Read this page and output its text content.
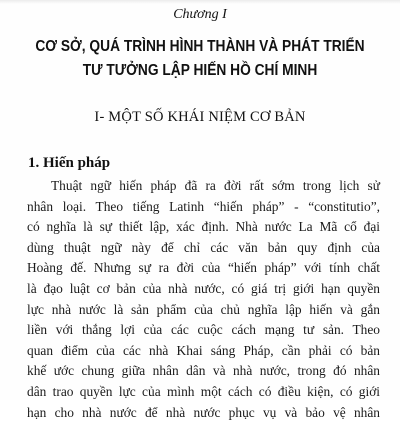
Chương I
CƠ SỞ, QUÁ TRÌNH HÌNH THÀNH VÀ PHÁT TRIỂN
TƯ TƯỞNG LẬP HIẾN HỒ CHÍ MINH
I- MỘT SỐ KHÁI NIỆM CƠ BẢN
1. Hiến pháp
Thuật ngữ hiến pháp đã ra đời rất sớm trong lịch sử
nhân loại. Theo tiếng Latinh “hiến pháp” - “constitutio”,
có nghĩa là sự thiết lập, xác định. Nhà nước La Mã cổ đại
dùng thuật ngữ này để chỉ các văn bản quy định của
Hoàng đế. Nhưng sự ra đời của “hiến pháp” với tính chất
là đạo luật cơ bản của nhà nước, có giá trị giới hạn quyền
lực nhà nước là sản phẩm của chủ nghĩa lập hiến và gắn
liền với thắng lợi của các cuộc cách mạng tư sản. Theo
quan điểm của các nhà Khai sáng Pháp, cần phải có bản
khế ước chung giữa nhân dân và nhà nước, trong đó nhân
dân trao quyền lực của mình một cách có điều kiện, có giới
hạn cho nhà nước để nhà nước phục vụ và bảo vệ nhân
